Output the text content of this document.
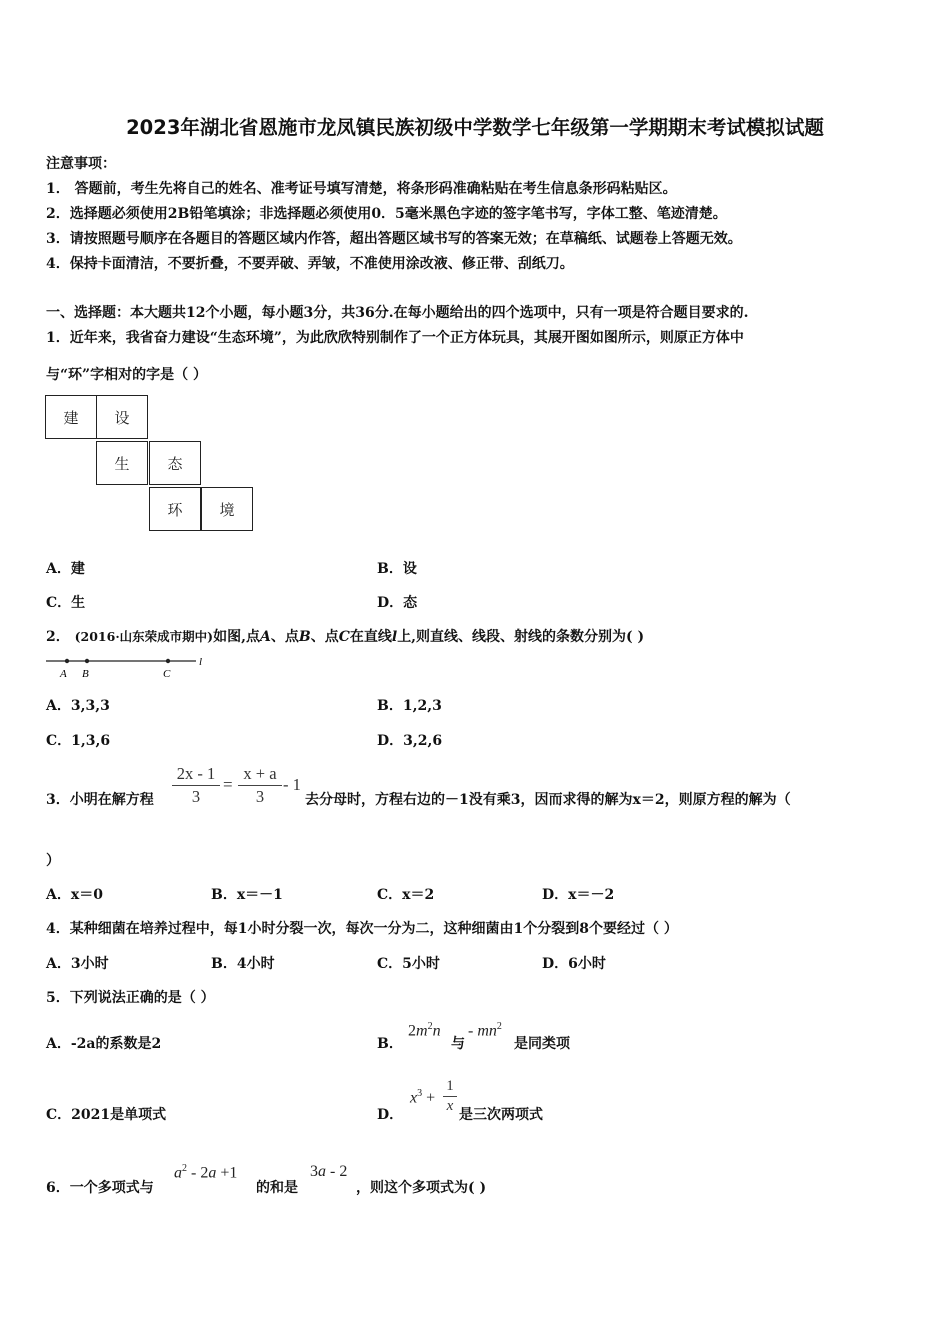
2023年湖北省恩施市龙凤镇民族初级中学数学七年级第一学期期末考试模拟试题
注意事项：
1． 答题前，考生先将自己的姓名、准考证号填写清楚，将条形码准确粘贴在考生信息条形码粘贴区。
2．选择题必须使用2B铅笔填涂；非选择题必须使用0．5毫米黑色字迹的签字笔书写，字体工整、笔迹清楚。
3．请按照题号顺序在各题目的答题区域内作答，超出答题区域书写的答案无效；在草稿纸、试题卷上答题无效。
4．保持卡面清洁，不要折叠，不要弄破、弄皱，不准使用涂改液、修正带、刮纸刀。
一、选择题：本大题共12个小题，每小题3分，共36分.在每小题给出的四个选项中，只有一项是符合题目要求的.
1．近年来，我省奋力建设“生态环境”，为此欣欣特别制作了一个正方体玩具，其展开图如图所示，则原正方体中
与“环”字相对的字是（ ）
建	设
生	态
环	境
A．建	B．设
C．生	D．态
2． (2016·山东荣成市期中)如图,点A、点B、点C在直线l上,则直线、线段、射线的条数分别为( )
A B	C
l
A．3,3,3	B．1,2,3
C．1,3,6	D．3,2,6
3．小明在解方程
2x - 1
3
=
x + a
3
- 1
去分母时，方程右边的－1没有乘3，因而求得的解为x＝2，则原方程的解为（
）
A．x＝0	B．x＝－1	C．x＝2	D．x＝－2
4．某种细菌在培养过程中，每1小时分裂一次，每次一分为二，这种细菌由1个分裂到8个要经过（ ）
A．3小时	B．4小时	C．5小时	D．6小时
5．下列说法正确的是（ ）
A．-2a的系数是2	B．
$2m^2n$
与
- $mn^2$
是同类项
C．2021是单项式	D．
$x^3$ +
1
x
是三次两项式
6．一个多项式与
$a^2 - 2a +1$
的和是
3a - 2
，则这个多项式为( )
